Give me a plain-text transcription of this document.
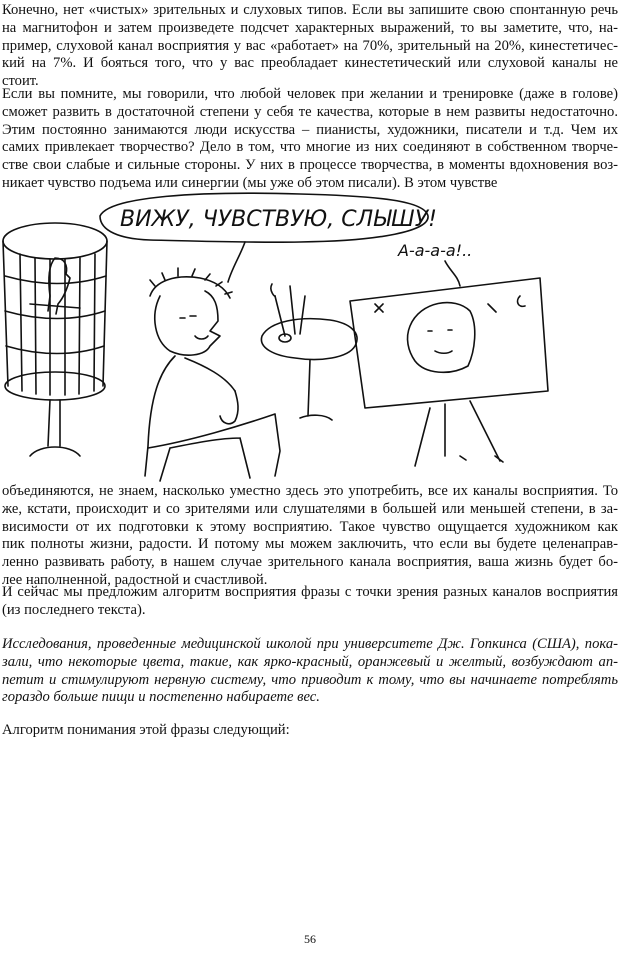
Конечно, нет «чистых» зрительных и слуховых типов. Если вы запишите свою спонтанную речь
на магнитофон и затем произведете подсчет характерных выражений, то вы заметите, что, на-
пример, слуховой канал восприятия у вас «работает» на 70%, зрительный на 20%, кинестетичес-
кий на 7%. И бояться того, что у вас преобладает кинестетический или слуховой каналы не
стоит.
Если вы помните, мы говорили, что любой человек при желании и тренировке (даже в голове)
сможет развить в достаточной степени у себя те качества, которые в нем развиты недостаточно.
Этим постоянно занимаются люди искусства – пианисты, художники, писатели и т.д. Чем их
самих привлекает творчество? Дело в том, что многие из них соединяют в собственном творче-
стве свои слабые и сильные стороны. У них в процессе творчества, в моменты вдохновения воз-
никает чувство подъема или синергии (мы уже об этом писали). В этом чувстве
ВИЖУ, ЧУВСТВУЮ, СЛЫШУ!
А-а-а-а!..
объединяются, не знаем, насколько уместно здесь это употребить, все их каналы восприятия. То
же, кстати, происходит и со зрителями или слушателями в большей или меньшей степени, в за-
висимости от их подготовки к этому восприятию. Такое чувство ощущается художником как
пик полноты жизни, радости. И потому мы можем заключить, что если вы будете целенаправ-
ленно развивать работу, в нашем случае зрительного канала восприятия, ваша жизнь будет бо-
лее наполненной, радостной и счастливой.
И сейчас мы предложим алгоритм восприятия фразы с точки зрения разных каналов восприятия
(из последнего текста).
Исследования, проведенные медицинской школой при университете Дж. Гопкинса (США), пока-
зали, что некоторые цвета, такие, как ярко-красный, оранжевый и желтый, возбуждают ап-
петит и стимулируют нервную систему, что приводит к тому, что вы начинаете потреблять
гораздо больше пищи и постепенно набираете вес.
Алгоритм понимания этой фразы следующий:
56
